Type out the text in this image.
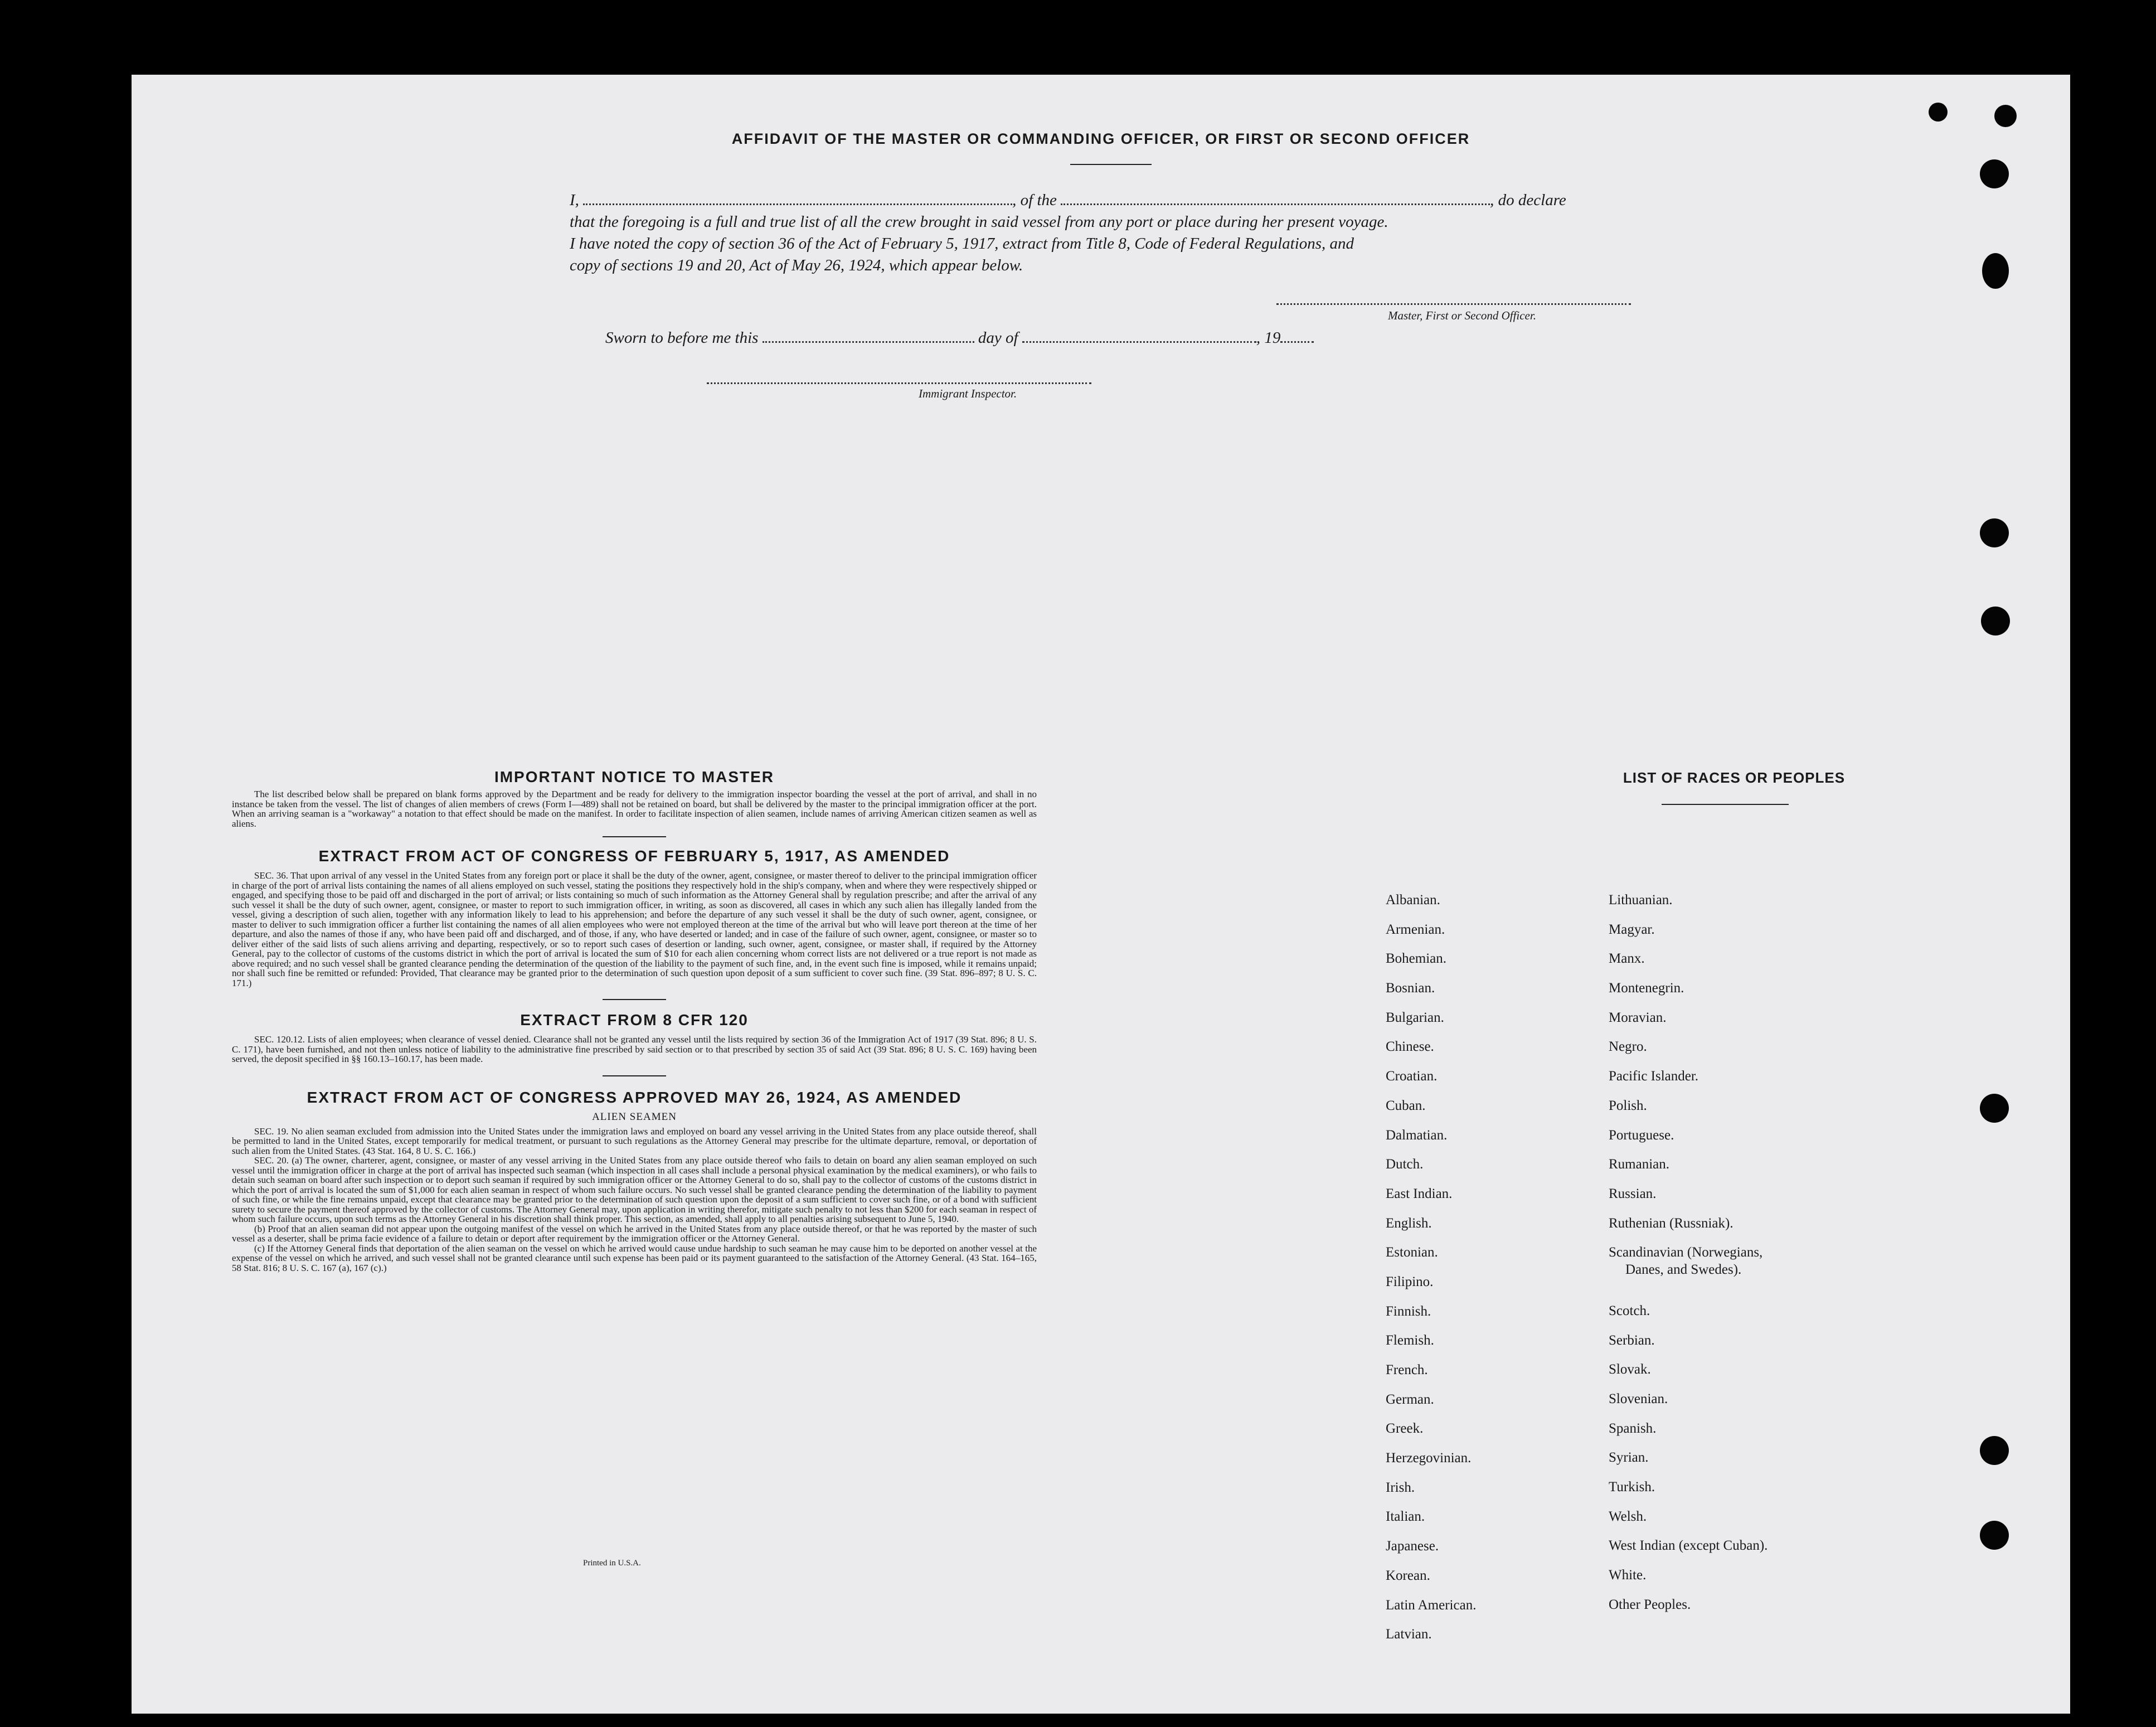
AFFIDAVIT OF THE MASTER OR COMMANDING OFFICER, OR FIRST OR SECOND OFFICER
I,	, of the	, do declare
that the foregoing is a full and true list of all the crew brought in said vessel from any port or place during her present voyage.
I have noted the copy of section 36 of the Act of February 5, 1917, extract from Title 8, Code of Federal Regulations, and
copy of sections 19 and 20, Act of May 26, 1924, which appear below.
Master, First or Second Officer.
Sworn to before me this	day of	, 19
Immigrant Inspector.
IMPORTANT NOTICE TO MASTER

The list described below shall be prepared on blank forms approved by the Department and be ready for delivery to the immigration inspector boarding the vessel at the port of arrival, and shall in no instance be taken from the vessel. The list of changes of alien members of crews (Form I—489) shall not be retained on board, but shall be delivered by the master to the principal immigration officer at the port. When an arriving seaman is a "workaway" a notation to that effect should be made on the manifest. In order to facilitate inspection of alien seamen, include names of arriving American citizen seamen as well as aliens.

EXTRACT FROM ACT OF CONGRESS OF FEBRUARY 5, 1917, AS AMENDED

SEC. 36. That upon arrival of any vessel in the United States from any foreign port or place it shall be the duty of the owner, agent, consignee, or master thereof to deliver to the principal immigration officer in charge of the port of arrival lists containing the names of all aliens employed on such vessel, stating the positions they respectively hold in the ship's company, when and where they were respectively shipped or engaged, and specifying those to be paid off and discharged in the port of arrival; or lists containing so much of such information as the Attorney General shall by regulation prescribe; and after the arrival of any such vessel it shall be the duty of such owner, agent, consignee, or master to report to such immigration officer, in writing, as soon as discovered, all cases in which any such alien has illegally landed from the vessel, giving a description of such alien, together with any information likely to lead to his apprehension; and before the departure of any such vessel it shall be the duty of such owner, agent, consignee, or master to deliver to such immigration officer a further list containing the names of all alien employees who were not employed thereon at the time of the arrival but who will leave port thereon at the time of her departure, and also the names of those if any, who have been paid off and discharged, and of those, if any, who have deserted or landed; and in case of the failure of such owner, agent, consignee, or master so to deliver either of the said lists of such aliens arriving and departing, respectively, or so to report such cases of desertion or landing, such owner, agent, consignee, or master shall, if required by the Attorney General, pay to the collector of customs of the customs district in which the port of arrival is located the sum of $10 for each alien concerning whom correct lists are not delivered or a true report is not made as above required; and no such vessel shall be granted clearance pending the determination of the question of the liability to the payment of such fine, and, in the event such fine is imposed, while it remains unpaid; nor shall such fine be remitted or refunded: Provided, That clearance may be granted prior to the determination of such question upon deposit of a sum sufficient to cover such fine. (39 Stat. 896–897; 8 U. S. C. 171.)

EXTRACT FROM 8 CFR 120

SEC. 120.12. Lists of alien employees; when clearance of vessel denied. Clearance shall not be granted any vessel until the lists required by section 36 of the Immigration Act of 1917 (39 Stat. 896; 8 U. S. C. 171), have been furnished, and not then unless notice of liability to the administrative fine prescribed by said section or to that prescribed by section 35 of said Act (39 Stat. 896; 8 U. S. C. 169) having been served, the deposit specified in §§ 160.13–160.17, has been made.

EXTRACT FROM ACT OF CONGRESS APPROVED MAY 26, 1924, AS AMENDED
ALIEN SEAMEN

SEC. 19. No alien seaman excluded from admission into the United States under the immigration laws and employed on board any vessel arriving in the United States from any place outside thereof, shall be permitted to land in the United States, except temporarily for medical treatment, or pursuant to such regulations as the Attorney General may prescribe for the ultimate departure, removal, or deportation of such alien from the United States. (43 Stat. 164, 8 U. S. C. 166.)

SEC. 20. (a) The owner, charterer, agent, consignee, or master of any vessel arriving in the United States from any place outside thereof who fails to detain on board any alien seaman employed on such vessel until the immigration officer in charge at the port of arrival has inspected such seaman (which inspection in all cases shall include a personal physical examination by the medical examiners), or who fails to detain such seaman on board after such inspection or to deport such seaman if required by such immigration officer or the Attorney General to do so, shall pay to the collector of customs of the customs district in which the port of arrival is located the sum of $1,000 for each alien seaman in respect of whom such failure occurs. No such vessel shall be granted clearance pending the determination of the liability to payment of such fine, or while the fine remains unpaid, except that clearance may be granted prior to the determination of such question upon the deposit of a sum sufficient to cover such fine, or of a bond with sufficient surety to secure the payment thereof approved by the collector of customs. The Attorney General may, upon application in writing therefor, mitigate such penalty to not less than $200 for each seaman in respect of whom such failure occurs, upon such terms as the Attorney General in his discretion shall think proper. This section, as amended, shall apply to all penalties arising subsequent to June 5, 1940.

(b) Proof that an alien seaman did not appear upon the outgoing manifest of the vessel on which he arrived in the United States from any place outside thereof, or that he was reported by the master of such vessel as a deserter, shall be prima facie evidence of a failure to detain or deport after requirement by the immigration officer or the Attorney General.

(c) If the Attorney General finds that deportation of the alien seaman on the vessel on which he arrived would cause undue hardship to such seaman he may cause him to be deported on another vessel at the expense of the vessel on which he arrived, and such vessel shall not be granted clearance until such expense has been paid or its payment guaranteed to the satisfaction of the Attorney General. (43 Stat. 164–165, 58 Stat. 816; 8 U. S. C. 167 (a), 167 (c).)

Printed in U.S.A.
LIST OF RACES OR PEOPLES
Albanian.
Armenian.
Bohemian.
Bosnian.
Bulgarian.
Chinese.
Croatian.
Cuban.
Dalmatian.
Dutch.
East Indian.
English.
Estonian.
Filipino.
Finnish.
Flemish.
French.
German.
Greek.
Herzegovinian.
Irish.
Italian.
Japanese.
Korean.
Latin American.
Latvian.
Lithuanian.
Magyar.
Manx.
Montenegrin.
Moravian.
Negro.
Pacific Islander.
Polish.
Portuguese.
Rumanian.
Russian.
Ruthenian (Russniak).
Scandinavian (Norwegians,
Danes, and Swedes).
Scotch.
Serbian.
Slovak.
Slovenian.
Spanish.
Syrian.
Turkish.
Welsh.
West Indian (except Cuban).
White.
Other Peoples.
